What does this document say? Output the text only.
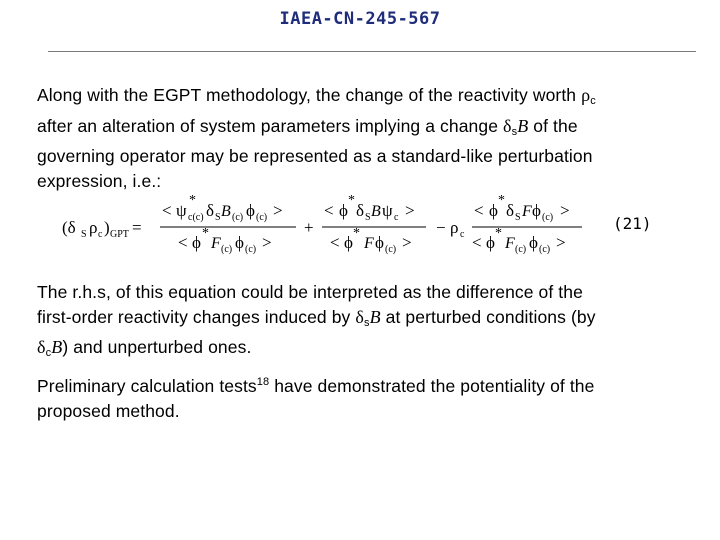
IAEA-CN-245-567
Along with the EGPT methodology, the change of the reactivity worth $\rho_c$
after an alteration of system parameters implying a change $\delta_sB$ of the
governing operator may be represented as a standard-like perturbation
expression, i.e.:
(δ S ρ c ) GPT =
< ψ
*
c(c) δ S B (c) ϕ (c) >
< ϕ *
F (c) ϕ (c) >
+
< ϕ
*
δ S B ψ c >
< ϕ *
F ϕ (c) >
− ρ c
< ϕ
*
δ S F ϕ (c) >
< ϕ *
F (c) ϕ (c) >
(21)
The r.h.s, of this equation could be interpreted as the difference of the
first-order reactivity changes induced by $\delta_sB$ at perturbed conditions (by
$\delta_cB$) and unperturbed ones.
Preliminary calculation tests$^{18}$ have demonstrated the potentiality of the
proposed method.
